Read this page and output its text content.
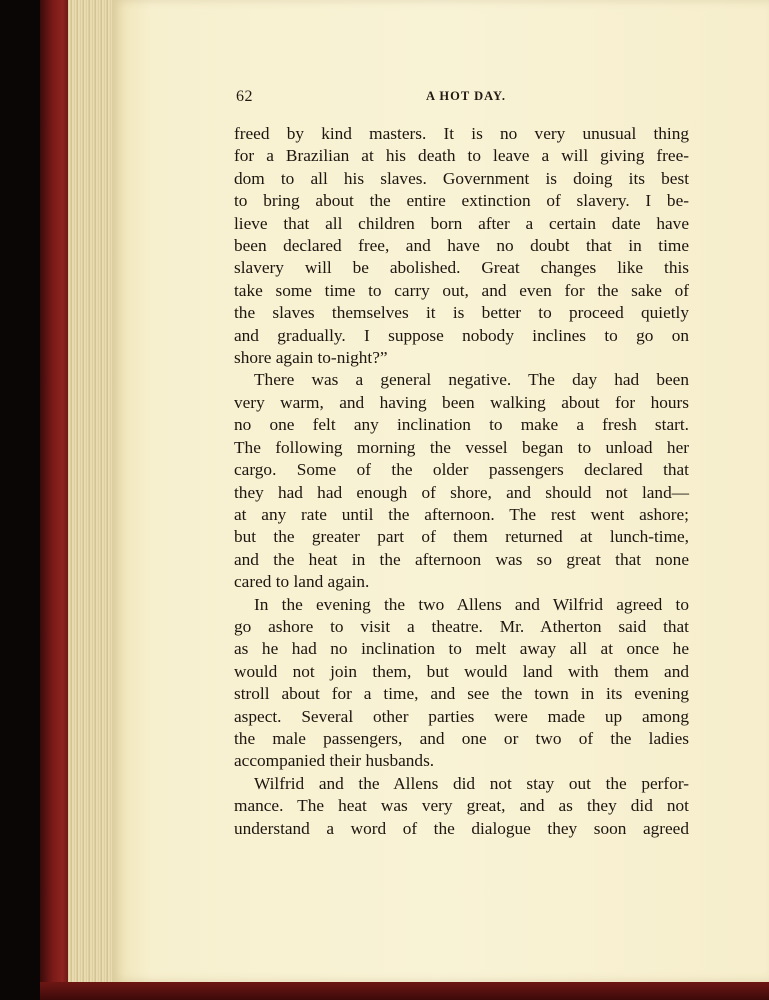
62	A HOT DAY.
freed by kind masters. It is no very unusual thing
for a Brazilian at his death to leave a will giving free-
dom to all his slaves. Government is doing its best
to bring about the entire extinction of slavery. I be-
lieve that all children born after a certain date have
been declared free, and have no doubt that in time
slavery will be abolished. Great changes like this
take some time to carry out, and even for the sake of
the slaves themselves it is better to proceed quietly
and gradually. I suppose nobody inclines to go on
shore again to-night?”
There was a general negative. The day had been
very warm, and having been walking about for hours
no one felt any inclination to make a fresh start.
The following morning the vessel began to unload her
cargo. Some of the older passengers declared that
they had had enough of shore, and should not land—
at any rate until the afternoon. The rest went ashore;
but the greater part of them returned at lunch-time,
and the heat in the afternoon was so great that none
cared to land again.
In the evening the two Allens and Wilfrid agreed to
go ashore to visit a theatre. Mr. Atherton said that
as he had no inclination to melt away all at once he
would not join them, but would land with them and
stroll about for a time, and see the town in its evening
aspect. Several other parties were made up among
the male passengers, and one or two of the ladies
accompanied their husbands.
Wilfrid and the Allens did not stay out the perfor-
mance. The heat was very great, and as they did not
understand a word of the dialogue they soon agreed
